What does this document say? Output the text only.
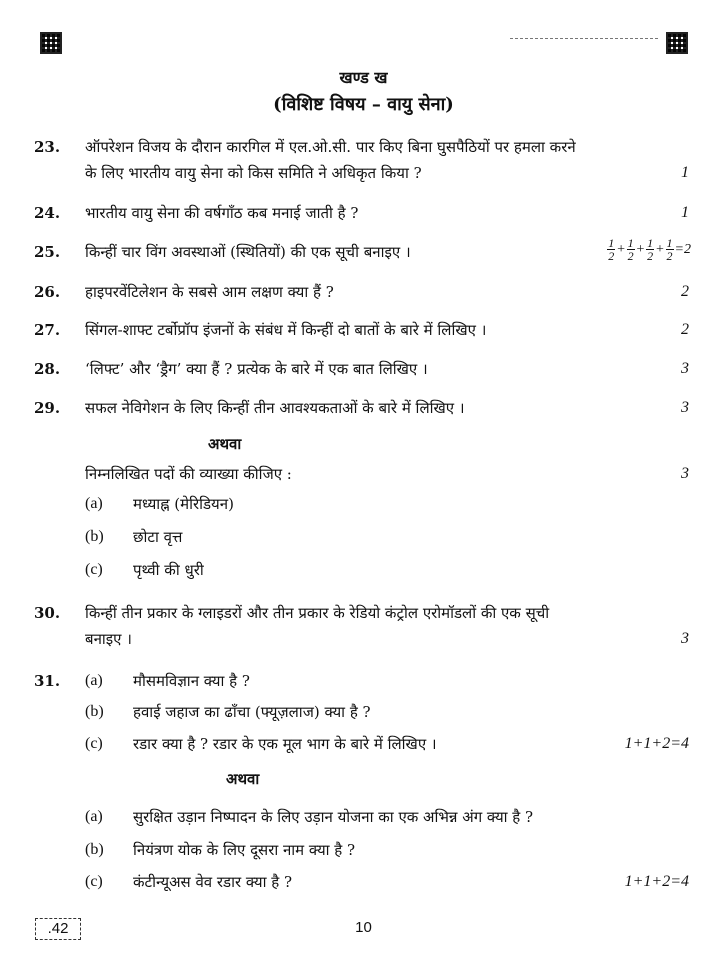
खण्ड ख
(विशिष्ट विषय – वायु सेना)
23. ऑपरेशन विजय के दौरान कारगिल में एल.ओ.सी. पार किए बिना घुसपैठियों पर हमला करने
के लिए भारतीय वायु सेना को किस समिति ने अधिकृत किया ?	1
24. भारतीय वायु सेना की वर्षगाँठ कब मनाई जाती है ?	1
25. किन्हीं चार विंग अवस्थाओं (स्थितियों) की एक सूची बनाइए ।	1
2 + 1
2 + 1
$2 + \frac{1}{2} =2$
26. हाइपरवेंटिलेशन के सबसे आम लक्षण क्या हैं ?	2
27. सिंगल-शाफ्ट टर्बोप्रॉप इंजनों के संबंध में किन्हीं दो बातों के बारे में लिखिए ।	2
28. ‘लिफ्ट’ और ‘ड्रैग’ क्या हैं ? प्रत्येक के बारे में एक बात लिखिए ।	3
29. सफल नेविगेशन के लिए किन्हीं तीन आवश्यकताओं के बारे में लिखिए ।	3
अथवा
निम्नलिखित पदों की व्याख्या कीजिए :	3
(a) मध्याह्न (मेरिडियन)
(b) छोटा वृत्त
(c) पृथ्वी की धुरी
30. किन्हीं तीन प्रकार के ग्लाइडरों और तीन प्रकार के रेडियो कंट्रोल एरोमॉडलों की एक सूची
बनाइए ।	3
31. (a) मौसमविज्ञान क्या है ?
(b) हवाई जहाज का ढाँचा (फ्यूज़लाज) क्या है ?
(c) रडार क्या है ? रडार के एक मूल भाग के बारे में लिखिए ।	1+1+2=4
अथवा
(a) सुरक्षित उड़ान निष्पादन के लिए उड़ान योजना का एक अभिन्न अंग क्या है ?
(b) नियंत्रण योक के लिए दूसरा नाम क्या है ?
(c) कंटीन्यूअस वेव रडार क्या है ?	1+1+2=4
.42	10
